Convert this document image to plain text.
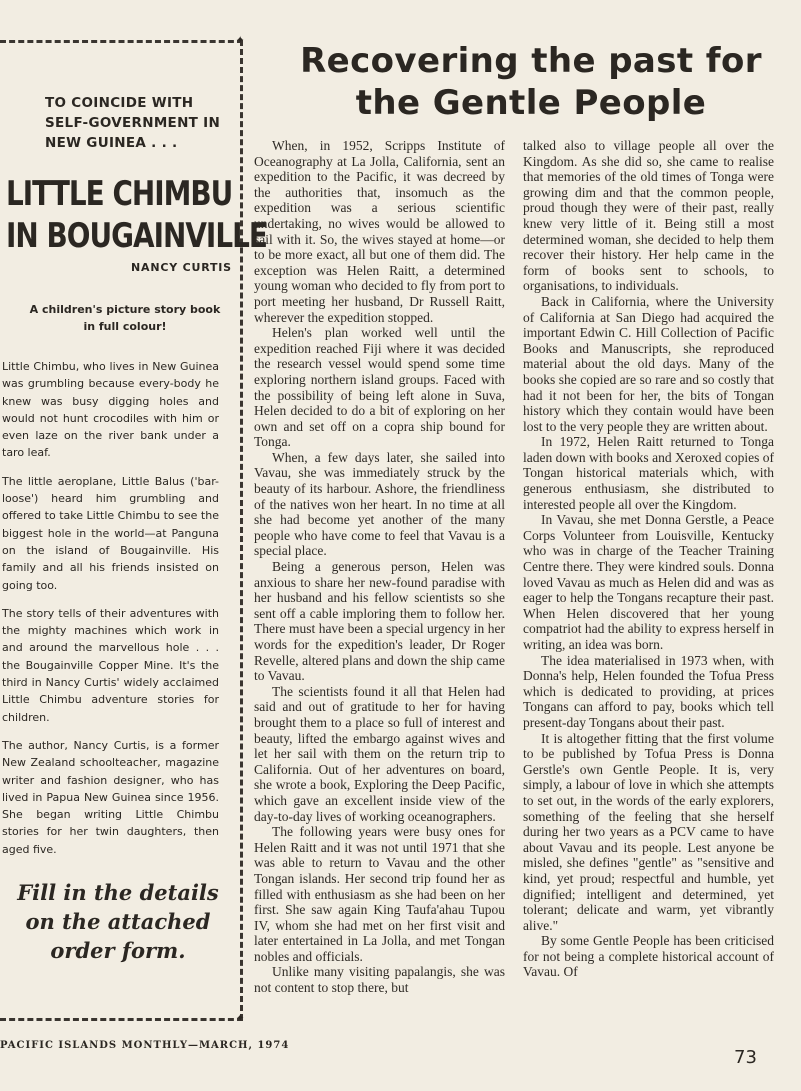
✦
✦
TO COINCIDE WITH
SELF-GOVERNMENT IN
NEW GUINEA . . .
LITTLE CHIMBU
IN BOUGAINVILLE
NANCY CURTIS
A children's picture story book
in full colour!

Little Chimbu, who lives in New Guinea was grumbling because every-body he knew was busy digging holes and would not hunt crocodiles with him or even laze on the river bank under a taro leaf.

The little aeroplane, Little Balus ('bar-loose') heard him grumbling and offered to take Little Chimbu to see the biggest hole in the world—at Panguna on the island of Bougainville. His family and all his friends insisted on going too.

The story tells of their adventures with the mighty machines which work in and around the marvellous hole . . . the Bougainville Copper Mine. It's the third in Nancy Curtis' widely acclaimed Little Chimbu adventure stories for children.

The author, Nancy Curtis, is a former New Zealand schoolteacher, magazine writer and fashion designer, who has lived in Papua New Guinea since 1956. She began writing Little Chimbu stories for her twin daughters, then aged five.

Fill in the details
on the attached
order form.
Recovering the past for
the Gentle People

When, in 1952, Scripps Institute of Oceanography at La Jolla, California, sent an expedition to the Pacific, it was decreed by the authorities that, insomuch as the expedition was a serious scientific undertaking, no wives would be allowed to sail with it. So, the wives stayed at home—or to be more exact, all but one of them did. The exception was Helen Raitt, a determined young woman who decided to fly from port to port meeting her husband, Dr Russell Raitt, wherever the expedition stopped.

Helen's plan worked well until the expedition reached Fiji where it was decided the research vessel would spend some time exploring northern island groups. Faced with the possibility of being left alone in Suva, Helen decided to do a bit of exploring on her own and set off on a copra ship bound for Tonga.

When, a few days later, she sailed into Vavau, she was immediately struck by the beauty of its harbour. Ashore, the friendliness of the natives won her heart. In no time at all she had become yet another of the many people who have come to feel that Vavau is a special place.

Being a generous person, Helen was anxious to share her new-found paradise with her husband and his fellow scientists so she sent off a cable imploring them to follow her. There must have been a special urgency in her words for the expedition's leader, Dr Roger Revelle, altered plans and down the ship came to Vavau.

The scientists found it all that Helen had said and out of gratitude to her for having brought them to a place so full of interest and beauty, lifted the embargo against wives and let her sail with them on the return trip to California. Out of her adventures on board, she wrote a book, Exploring the Deep Pacific, which gave an excellent inside view of the day-to-day lives of working oceanographers.

The following years were busy ones for Helen Raitt and it was not until 1971 that she was able to return to Vavau and the other Tongan islands. Her second trip found her as filled with enthusiasm as she had been on her first. She saw again King Taufa'ahau Tupou IV, whom she had met on her first visit and later entertained in La Jolla, and met Tongan nobles and officials.

Unlike many visiting papalangis, she was not content to stop there, but

talked also to village people all over the Kingdom. As she did so, she came to realise that memories of the old times of Tonga were growing dim and that the common people, proud though they were of their past, really knew very little of it. Being still a most determined woman, she decided to help them recover their history. Her help came in the form of books sent to schools, to organisations, to individuals.

Back in California, where the University of California at San Diego had acquired the important Edwin C. Hill Collection of Pacific Books and Manuscripts, she reproduced material about the old days. Many of the books she copied are so rare and so costly that had it not been for her, the bits of Tongan history which they contain would have been lost to the very people they are written about.

In 1972, Helen Raitt returned to Tonga laden down with books and Xeroxed copies of Tongan historical materials which, with generous enthusiasm, she distributed to interested people all over the Kingdom.

In Vavau, she met Donna Gerstle, a Peace Corps Volunteer from Louisville, Kentucky who was in charge of the Teacher Training Centre there. They were kindred souls. Donna loved Vavau as much as Helen did and was as eager to help the Tongans recapture their past. When Helen discovered that her young compatriot had the ability to express herself in writing, an idea was born.

The idea materialised in 1973 when, with Donna's help, Helen founded the Tofua Press which is dedicated to providing, at prices Tongans can afford to pay, books which tell present-day Tongans about their past.

It is altogether fitting that the first volume to be published by Tofua Press is Donna Gerstle's own Gentle People. It is, very simply, a labour of love in which she attempts to set out, in the words of the early explorers, something of the feeling that she herself during her two years as a PCV came to have about Vavau and its people. Lest anyone be misled, she defines "gentle" as "sensitive and kind, yet proud; respectful and humble, yet dignified; intelligent and determined, yet tolerant; delicate and warm, yet vibrantly alive."

By some Gentle People has been criticised for not being a complete historical account of Vavau. Of

PACIFIC ISLANDS MONTHLY—MARCH, 1974
73
